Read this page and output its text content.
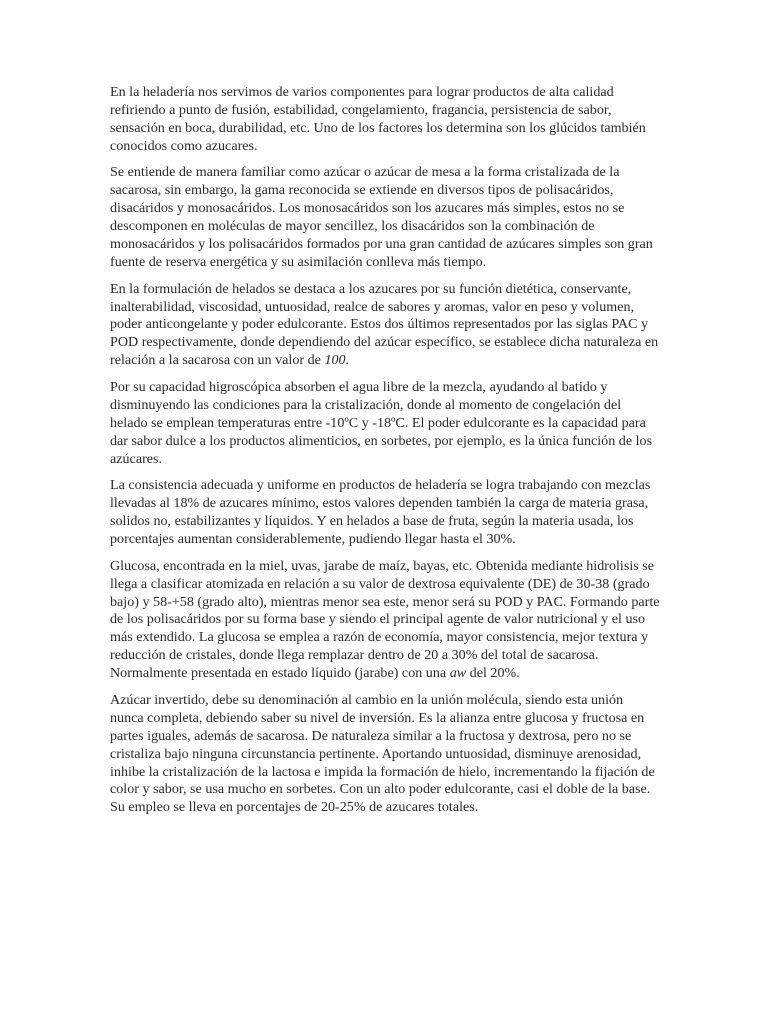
En la heladería nos servimos de varios componentes para lograr productos de alta calidad refiriendo a punto de fusión, estabilidad, congelamiento, fragancia, persistencia de sabor, sensación en boca, durabilidad, etc. Uno de los factores los determina son los glúcidos también conocidos como azucares.

Se entiende de manera familiar como azúcar o azúcar de mesa a la forma cristalizada de la sacarosa, sin embargo, la gama reconocida se extiende en diversos tipos de polisacáridos, disacáridos y monosacáridos. Los monosacáridos son los azucares más simples, estos no se descomponen en moléculas de mayor sencillez, los disacáridos son la combinación de monosacáridos y los polisacáridos formados por una gran cantidad de azúcares simples son gran fuente de reserva energética y su asimilación conlleva más tiempo.

En la formulación de helados se destaca a los azucares por su función dietética, conservante, inalterabilidad, viscosidad, untuosidad, realce de sabores y aromas, valor en peso y volumen, poder anticongelante y poder edulcorante. Estos dos últimos representados por las siglas PAC y POD respectivamente, donde dependiendo del azúcar específico, se establece dicha naturaleza en relación a la sacarosa con un valor de 100.

Por su capacidad higroscópica absorben el agua libre de la mezcla, ayudando al batido y disminuyendo las condiciones para la cristalización, donde al momento de congelación del helado se emplean temperaturas entre -10ºC y -18ºC. El poder edulcorante es la capacidad para dar sabor dulce a los productos alimenticios, en sorbetes, por ejemplo, es la única función de los azúcares.

La consistencia adecuada y uniforme en productos de heladería se logra trabajando con mezclas llevadas al 18% de azucares mínimo, estos valores dependen también la carga de materia grasa, solidos no, estabilizantes y líquidos. Y en helados a base de fruta, según la materia usada, los porcentajes aumentan considerablemente, pudiendo llegar hasta el 30%.

Glucosa, encontrada en la miel, uvas, jarabe de maíz, bayas, etc. Obtenida mediante hidrolisis se llega a clasificar atomizada en relación a su valor de dextrosa equivalente (DE) de 30-38 (grado bajo) y 58-+58 (grado alto), mientras menor sea este, menor será su POD y PAC. Formando parte de los polisacáridos por su forma base y siendo el principal agente de valor nutricional y el uso más extendido. La glucosa se emplea a razón de economía, mayor consistencia, mejor textura y reducción de cristales, donde llega remplazar dentro de 20 a 30% del total de sacarosa. Normalmente presentada en estado líquido (jarabe) con una aw del 20%.

Azúcar invertido, debe su denominación al cambio en la unión molécula, siendo esta unión nunca completa, debiendo saber su nivel de inversión. Es la alianza entre glucosa y fructosa en partes iguales, además de sacarosa. De naturaleza similar a la fructosa y dextrosa, pero no se cristaliza bajo ninguna circunstancia pertinente. Aportando untuosidad, disminuye arenosidad, inhibe la cristalización de la lactosa e impida la formación de hielo, incrementando la fijación de color y sabor, se usa mucho en sorbetes. Con un alto poder edulcorante, casi el doble de la base. Su empleo se lleva en porcentajes de 20-25% de azucares totales.
